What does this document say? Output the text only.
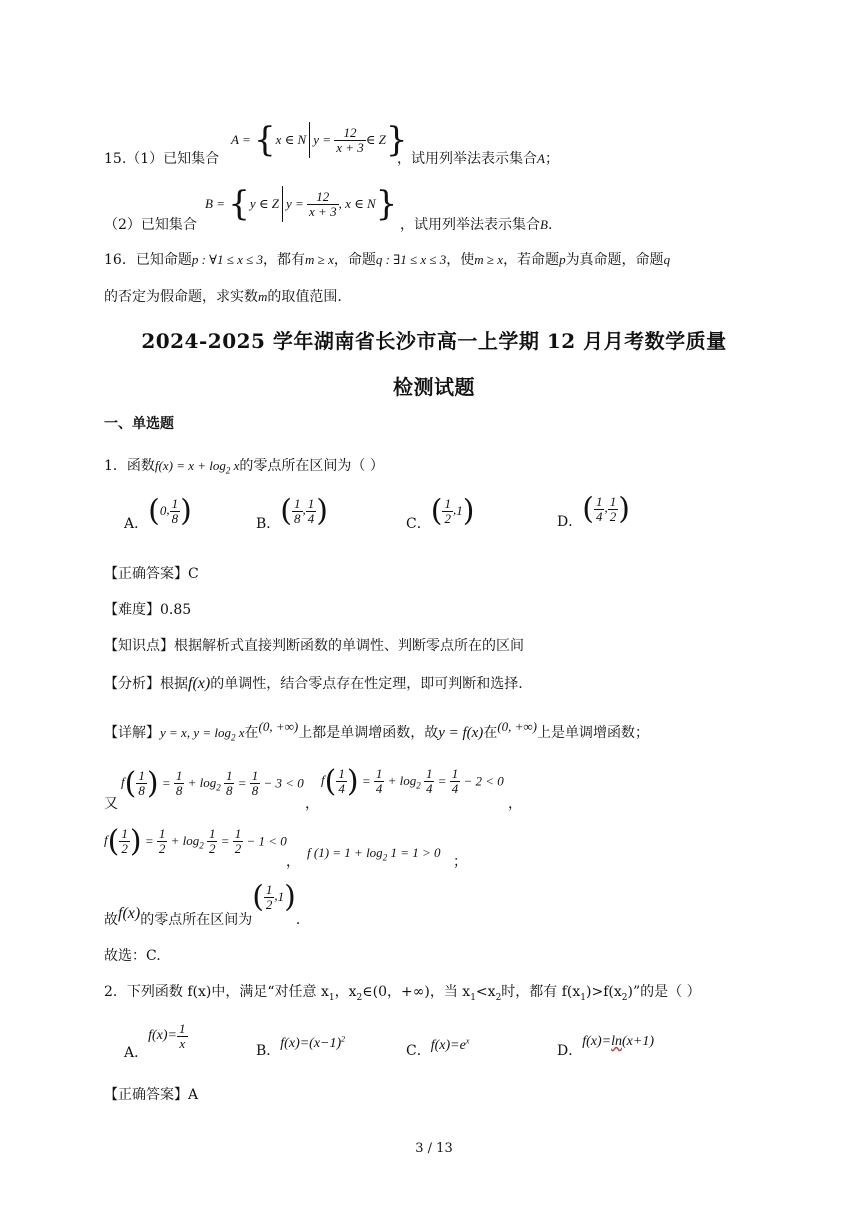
15.（1）已知集合
A = {x ∈ N $y = \frac{12}{x + 3}$ ∈ Z}
，试用列举法表示集合A；
（2）已知集合
B = {y ∈ Z $y = \frac{12}{x + 3}$ , x ∈ N}
，试用列举法表示集合B.
16．已知命题p : ∀1 ≤ x ≤ 3，都有m ≥ x，命题q : ∃1 ≤ x ≤ 3，使m ≥ x，若命题p为真命题，命题q
的否定为假命题，求实数m的取值范围.
2024-2025 学年湖南省长沙市高一上学期 12 月月考数学质量
检测试题
一、单选题
1．函数$f(x) = x + \log_2 x$的零点所在区间为（ ）
A．(0, $\frac{1}{8}$ )	B．( $\frac{1}{8}$ , $\frac{1}{4}$ )	C．( $\frac{1}{2} ,1$)	D．( $\frac{1}{4}$ , $\frac{1}{2}$ )
【正确答案】C
【难度】0.85
【知识点】根据解析式直接判断函数的单调性、判断零点所在的区间
【分析】根据f(x)的单调性，结合零点存在性定理，即可判断和选择.
【详解】y = x, $y = \log_2 x$在(0, +∞)上都是单调增函数，故y = f(x)在(0, +∞)上是单调增函数；
又
$f( \frac{1}{8}$ ) = $\frac{1}{8} + \log_2 \frac{1}{8} = \frac{1}{8} - 3 < 0$
，
$f( \frac{1}{4}$ ) = $\frac{1}{4} + \log_2 \frac{1}{4} = \frac{1}{4} - 2 < 0$
，
$f( \frac{1}{2}$ ) = $\frac{1}{2} + \log_2 \frac{1}{2} = \frac{1}{2} - 1 < 0$
，
f $(1) = 1 + \log_2 1 = 1 > 0$
；
故f(x)的零点所在区间为( $\frac{1}{2} ,1$).
故选：C.
2．下列函数 f(x)中，满足“对任意 $x_1$，$x_2\in(0$，+∞)，当 $x_1<x_2$时，都有 $f(x_1)>f(x_2)$”的是（ ）
A．$f(x)= \frac{1}{x}$
B．$f(x)=(x-1)^2$
C．$f(x)=e^x$
D．f(x)=ln(x+1)
【正确答案】A
3 / 13
